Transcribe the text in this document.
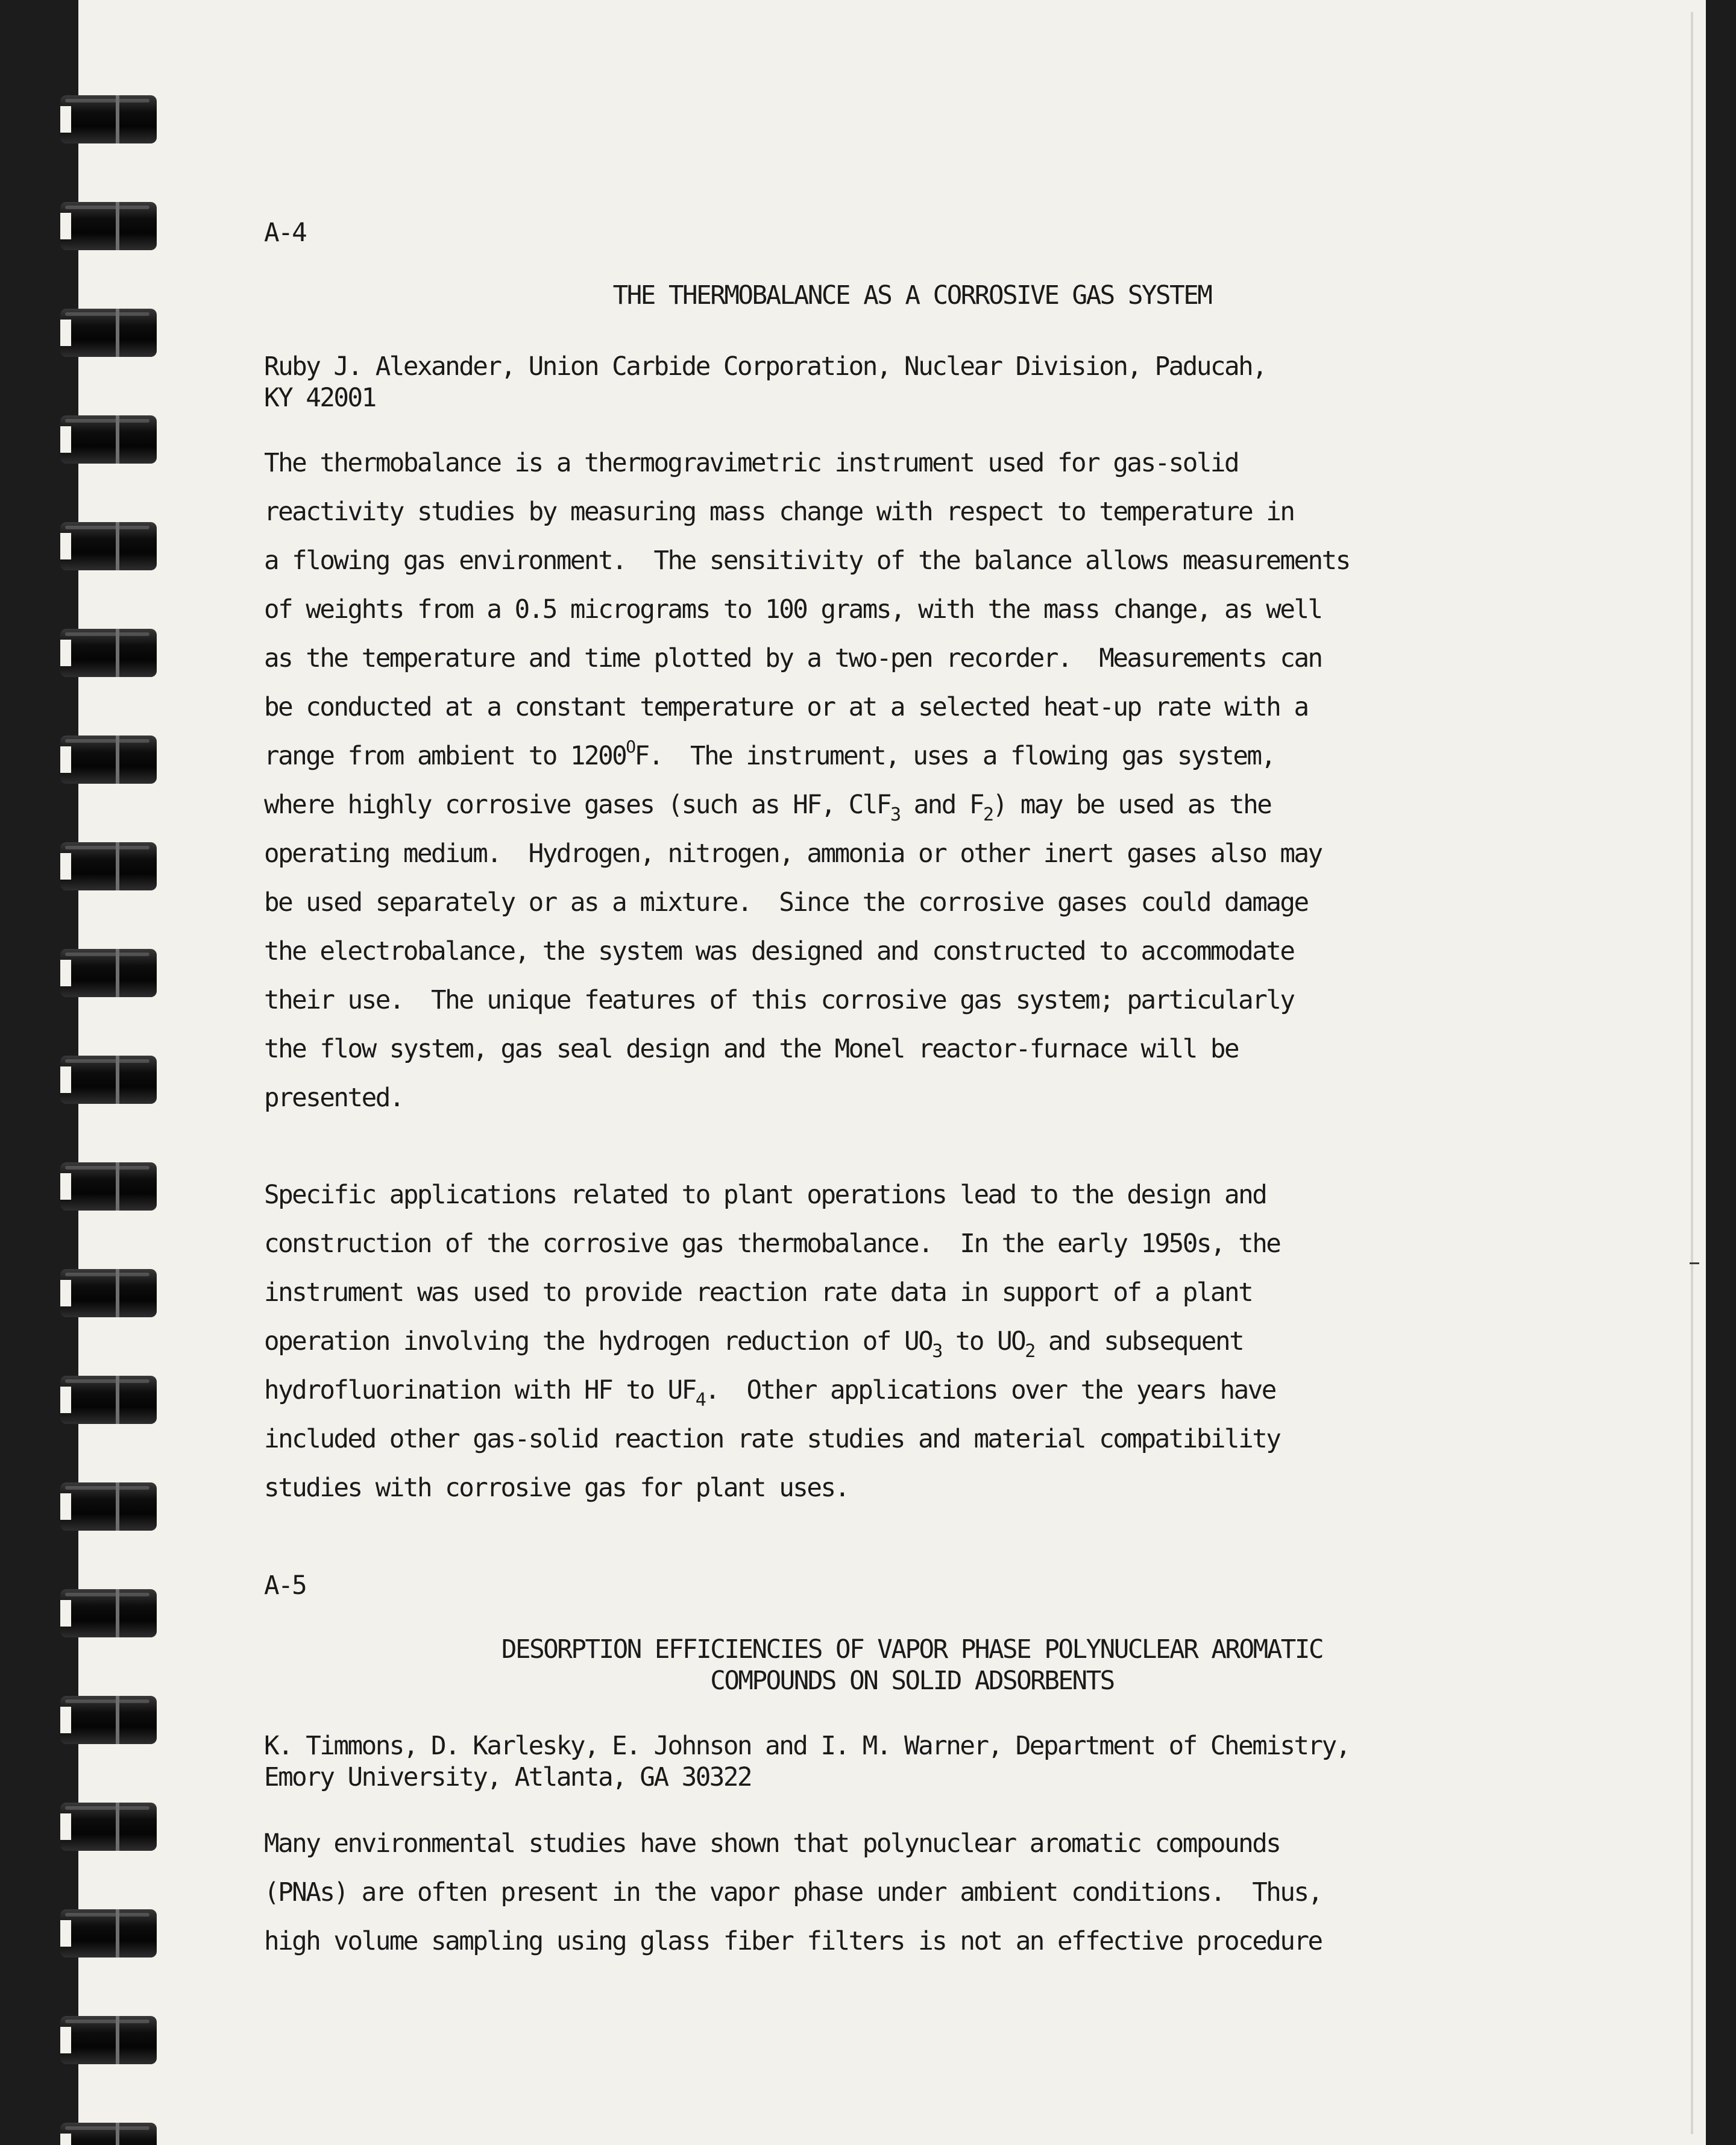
A-4
THE THERMOBALANCE AS A CORROSIVE GAS SYSTEM
Ruby J. Alexander, Union Carbide Corporation, Nuclear Division, Paducah,
KY 42001
The thermobalance is a thermogravimetric instrument used for gas-solid
reactivity studies by measuring mass change with respect to temperature in
a flowing gas environment.  The sensitivity of the balance allows measurements
of weights from a 0.5 micrograms to 100 grams, with the mass change, as well
as the temperature and time plotted by a two-pen recorder.  Measurements can
be conducted at a constant temperature or at a selected heat-up rate with a
range from ambient to $1200^OF$.  The instrument, uses a flowing gas system,
where highly corrosive gases (such as HF, ClF$_3$ and $F_2$) may be used as the
operating medium.  Hydrogen, nitrogen, ammonia or other inert gases also may
be used separately or as a mixture.  Since the corrosive gases could damage
the electrobalance, the system was designed and constructed to accommodate
their use.  The unique features of this corrosive gas system; particularly
the flow system, gas seal design and the Monel reactor-furnace will be
presented.
Specific applications related to plant operations lead to the design and
construction of the corrosive gas thermobalance.  In the early 1950s, the
instrument was used to provide reaction rate data in support of a plant
operation involving the hydrogen reduction of $UO_3$ to $UO_2$ and subsequent
hydrofluorination with HF to $UF_4$.  Other applications over the years have
included other gas-solid reaction rate studies and material compatibility
studies with corrosive gas for plant uses.
A-5
DESORPTION EFFICIENCIES OF VAPOR PHASE POLYNUCLEAR AROMATIC
COMPOUNDS ON SOLID ADSORBENTS
K. Timmons, D. Karlesky, E. Johnson and I. M. Warner, Department of Chemistry,
Emory University, Atlanta, GA 30322
Many environmental studies have shown that polynuclear aromatic compounds
(PNAs) are often present in the vapor phase under ambient conditions.  Thus,
high volume sampling using glass fiber filters is not an effective procedure
